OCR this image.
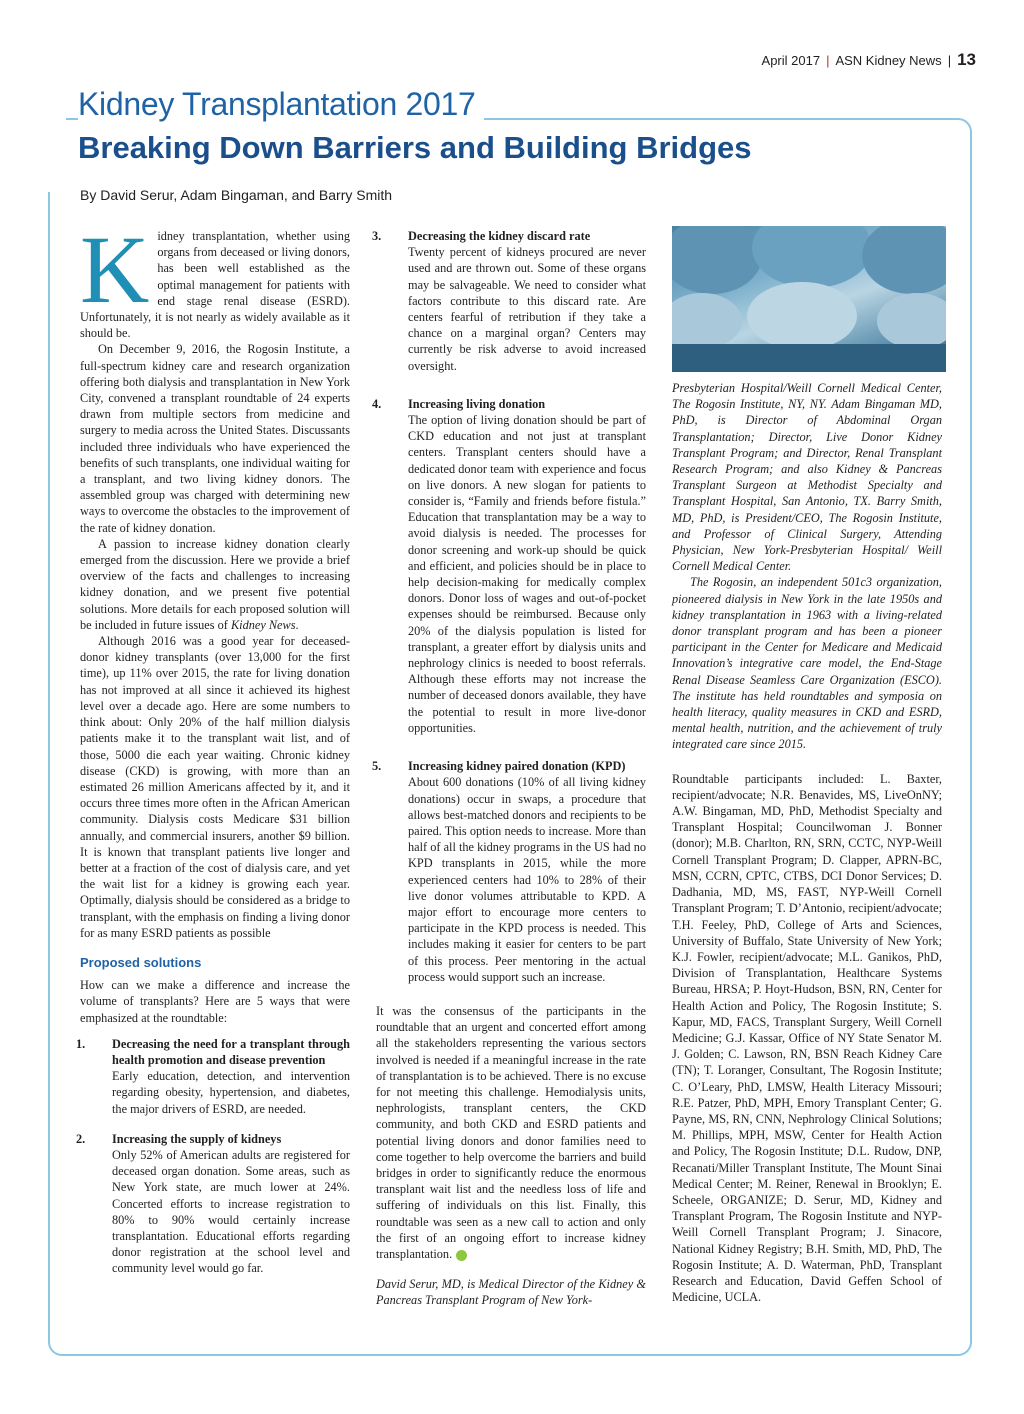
April 2017 | ASN Kidney News | 13
Kidney Transplantation 2017
Breaking Down Barriers and Building Bridges
By David Serur, Adam Bingaman, and Barry Smith

Kidney transplantation, whether using organs from deceased or living donors, has been well established as the optimal management for patients with end stage renal disease (ESRD). Unfortunately, it is not nearly as widely available as it should be.

On December 9, 2016, the Rogosin Institute, a full-spectrum kidney care and research organization offering both dialysis and transplantation in New York City, convened a transplant roundtable of 24 experts drawn from multiple sectors from medicine and surgery to media across the United States. Discussants included three individuals who have experienced the benefits of such transplants, one individual waiting for a transplant, and two living kidney donors. The assembled group was charged with determining new ways to overcome the obstacles to the improvement of the rate of kidney donation.

A passion to increase kidney donation clearly emerged from the discussion. Here we provide a brief overview of the facts and challenges to increasing kidney donation, and we present five potential solutions. More details for each proposed solution will be included in future issues of Kidney News.

Although 2016 was a good year for deceased-donor kidney transplants (over 13,000 for the first time), up 11% over 2015, the rate for living donation has not improved at all since it achieved its highest level over a decade ago. Here are some numbers to think about: Only 20% of the half million dialysis patients make it to the transplant wait list, and of those, 5000 die each year waiting. Chronic kidney disease (CKD) is growing, with more than an estimated 26 million Americans affected by it, and it occurs three times more often in the African American community. Dialysis costs Medicare $31 billion annually, and commercial insurers, another $9 billion. It is known that transplant patients live longer and better at a fraction of the cost of dialysis care, and yet the wait list for a kidney is growing each year. Optimally, dialysis should be considered as a bridge to transplant, with the emphasis on finding a living donor for as many ESRD patients as possible

Proposed solutions

How can we make a difference and increase the volume of transplants? Here are 5 ways that were emphasized at the roundtable:

1. Decreasing the need for a transplant through health promotion and disease prevention

Early education, detection, and intervention regarding obesity, hypertension, and diabetes, the major drivers of ESRD, are needed.

2. Increasing the supply of kidneys

Only 52% of American adults are registered for deceased organ donation. Some areas, such as New York state, are much lower at 24%. Concerted efforts to increase registration to 80% to 90% would certainly increase transplantation. Educational efforts regarding donor registration at the school level and community level would go far.

3. Decreasing the kidney discard rate

Twenty percent of kidneys procured are never used and are thrown out. Some of these organs may be salvageable. We need to consider what factors contribute to this discard rate. Are centers fearful of retribution if they take a chance on a marginal organ? Centers may currently be risk adverse to avoid increased oversight.

4. Increasing living donation

The option of living donation should be part of CKD education and not just at transplant centers. Transplant centers should have a dedicated donor team with experience and focus on live donors. A new slogan for patients to consider is, “Family and friends before fistula.” Education that transplantation may be a way to avoid dialysis is needed. The processes for donor screening and work-up should be quick and efficient, and policies should be in place to help decision-making for medically complex donors. Donor loss of wages and out-of-pocket expenses should be reimbursed. Because only 20% of the dialysis population is listed for transplant, a greater effort by dialysis units and nephrology clinics is needed to boost referrals. Although these efforts may not increase the number of deceased donors available, they have the potential to result in more live-donor opportunities.

5. Increasing kidney paired donation (KPD)

About 600 donations (10% of all living kidney donations) occur in swaps, a procedure that allows best-matched donors and recipients to be paired. This option needs to increase. More than half of all the kidney programs in the US had no KPD transplants in 2015, while the more experienced centers had 10% to 28% of their live donor volumes attributable to KPD. A major effort to encourage more centers to participate in the KPD process is needed. This includes making it easier for centers to be part of this process. Peer mentoring in the actual process would support such an increase.

It was the consensus of the participants in the roundtable that an urgent and concerted effort among all the stakeholders representing the various sectors involved is needed if a meaningful increase in the rate of transplantation is to be achieved. There is no excuse for not meeting this challenge. Hemodialysis units, nephrologists, transplant centers, the CKD community, and both CKD and ESRD patients and potential living donors and donor families need to come together to help overcome the barriers and build bridges in order to significantly reduce the enormous transplant wait list and the needless loss of life and suffering of individuals on this list. Finally, this roundtable was seen as a new call to action and only the first of an ongoing effort to increase kidney transplantation.

David Serur, MD, is Medical Director of the Kidney & Pancreas Transplant Program of New York-

Presbyterian Hospital/Weill Cornell Medical Center, The Rogosin Institute, NY, NY. Adam Bingaman MD, PhD, is Director of Abdominal Organ Transplantation; Director, Live Donor Kidney Transplant Program; and Director, Renal Transplant Research Program; and also Kidney & Pancreas Transplant Surgeon at Methodist Specialty and Transplant Hospital, San Antonio, TX. Barry Smith, MD, PhD, is President/CEO, The Rogosin Institute, and Professor of Clinical Surgery, Attending Physician, New York-Presbyterian Hospital/ Weill Cornell Medical Center.

The Rogosin, an independent 501c3 organization, pioneered dialysis in New York in the late 1950s and kidney transplantation in 1963 with a living-related donor transplant program and has been a pioneer participant in the Center for Medicare and Medicaid Innovation’s integrative care model, the End-Stage Renal Disease Seamless Care Organization (ESCO). The institute has held roundtables and symposia on health literacy, quality measures in CKD and ESRD, mental health, nutrition, and the achievement of truly integrated care since 2015.

Roundtable participants included: L. Baxter, recipient/advocate; N.R. Benavides, MS, LiveOnNY; A.W. Bingaman, MD, PhD, Methodist Specialty and Transplant Hospital; Councilwoman J. Bonner (donor); M.B. Charlton, RN, SRN, CCTC, NYP-Weill Cornell Transplant Program; D. Clapper, APRN-BC, MSN, CCRN, CPTC, CTBS, DCI Donor Services; D. Dadhania, MD, MS, FAST, NYP-Weill Cornell Transplant Program; T. D’Antonio, recipient/advocate; T.H. Feeley, PhD, College of Arts and Sciences, University of Buffalo, State University of New York; K.J. Fowler, recipient/advocate; M.L. Ganikos, PhD, Division of Transplantation, Healthcare Systems Bureau, HRSA; P. Hoyt-Hudson, BSN, RN, Center for Health Action and Policy, The Rogosin Institute; S. Kapur, MD, FACS, Transplant Surgery, Weill Cornell Medicine; G.J. Kassar, Office of NY State Senator M. J. Golden; C. Lawson, RN, BSN Reach Kidney Care (TN); T. Loranger, Consultant, The Rogosin Institute; C. O’Leary, PhD, LMSW, Health Literacy Missouri; R.E. Patzer, PhD, MPH, Emory Transplant Center; G. Payne, MS, RN, CNN, Nephrology Clinical Solutions; M. Phillips, MPH, MSW, Center for Health Action and Policy, The Rogosin Institute; D.L. Rudow, DNP, Recanati/Miller Transplant Institute, The Mount Sinai Medical Center; M. Reiner, Renewal in Brooklyn; E. Scheele, ORGANIZE; D. Serur, MD, Kidney and Transplant Program, The Rogosin Institute and NYP-Weill Cornell Transplant Program; J. Sinacore, National Kidney Registry; B.H. Smith, MD, PhD, The Rogosin Institute; A. D. Waterman, PhD, Transplant Research and Education, David Geffen School of Medicine, UCLA.
